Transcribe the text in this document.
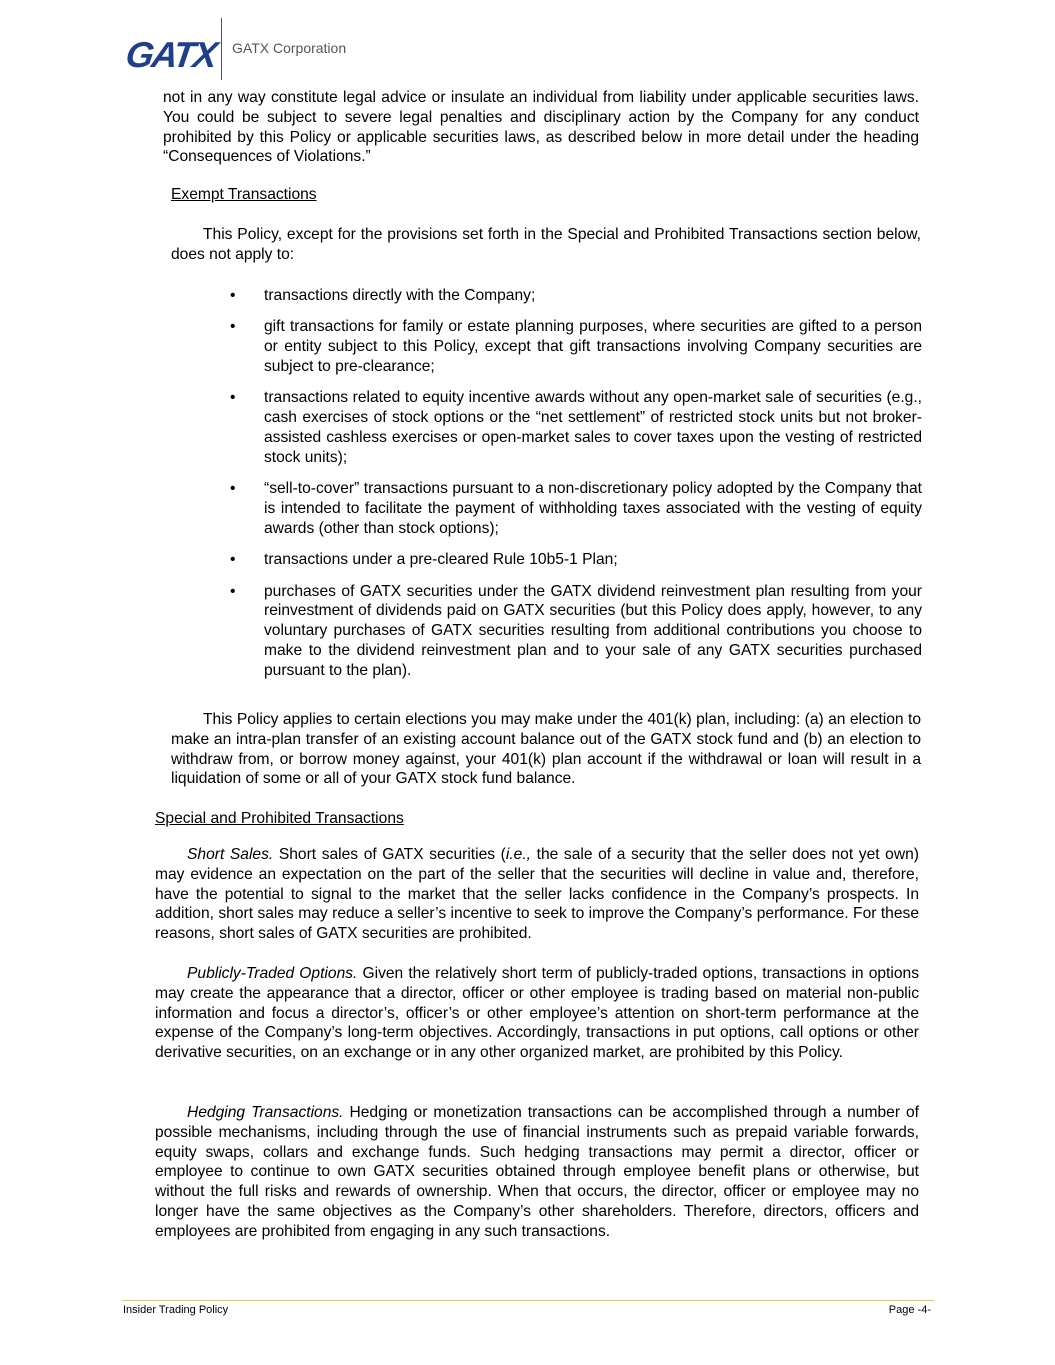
GATX GATX Corporation
not in any way constitute legal advice or insulate an individual from liability under applicable securities laws. You could be subject to severe legal penalties and disciplinary action by the Company for any conduct prohibited by this Policy or applicable securities laws, as described below in more detail under the heading “Consequences of Violations.”
Exempt Transactions
This Policy, except for the provisions set forth in the Special and Prohibited Transactions section below, does not apply to:
• transactions directly with the Company;
• gift transactions for family or estate planning purposes, where securities are gifted to a person or entity subject to this Policy, except that gift transactions involving Company securities are subject to pre-clearance;
• transactions related to equity incentive awards without any open-market sale of securities (e.g., cash exercises of stock options or the “net settlement” of restricted stock units but not broker-assisted cashless exercises or open-market sales to cover taxes upon the vesting of restricted stock units);
• “sell-to-cover” transactions pursuant to a non-discretionary policy adopted by the Company that is intended to facilitate the payment of withholding taxes associated with the vesting of equity awards (other than stock options);
• transactions under a pre-cleared Rule 10b5-1 Plan;
• purchases of GATX securities under the GATX dividend reinvestment plan resulting from your reinvestment of dividends paid on GATX securities (but this Policy does apply, however, to any voluntary purchases of GATX securities resulting from additional contributions you choose to make to the dividend reinvestment plan and to your sale of any GATX securities purchased pursuant to the plan).
This Policy applies to certain elections you may make under the 401(k) plan, including: (a) an election to make an intra-plan transfer of an existing account balance out of the GATX stock fund and (b) an election to withdraw from, or borrow money against, your 401(k) plan account if the withdrawal or loan will result in a liquidation of some or all of your GATX stock fund balance.
Special and Prohibited Transactions
Short Sales. Short sales of GATX securities (i.e., the sale of a security that the seller does not yet own) may evidence an expectation on the part of the seller that the securities will decline in value and, therefore, have the potential to signal to the market that the seller lacks confidence in the Company’s prospects. In addition, short sales may reduce a seller’s incentive to seek to improve the Company’s performance. For these reasons, short sales of GATX securities are prohibited.
Publicly-Traded Options. Given the relatively short term of publicly-traded options, transactions in options may create the appearance that a director, officer or other employee is trading based on material non-public information and focus a director’s, officer’s or other employee’s attention on short-term performance at the expense of the Company’s long-term objectives. Accordingly, transactions in put options, call options or other derivative securities, on an exchange or in any other organized market, are prohibited by this Policy.
Hedging Transactions. Hedging or monetization transactions can be accomplished through a number of possible mechanisms, including through the use of financial instruments such as prepaid variable forwards, equity swaps, collars and exchange funds. Such hedging transactions may permit a director, officer or employee to continue to own GATX securities obtained through employee benefit plans or otherwise, but without the full risks and rewards of ownership. When that occurs, the director, officer or employee may no longer have the same objectives as the Company’s other shareholders. Therefore, directors, officers and employees are prohibited from engaging in any such transactions.
Insider Trading Policy	Page -4-
